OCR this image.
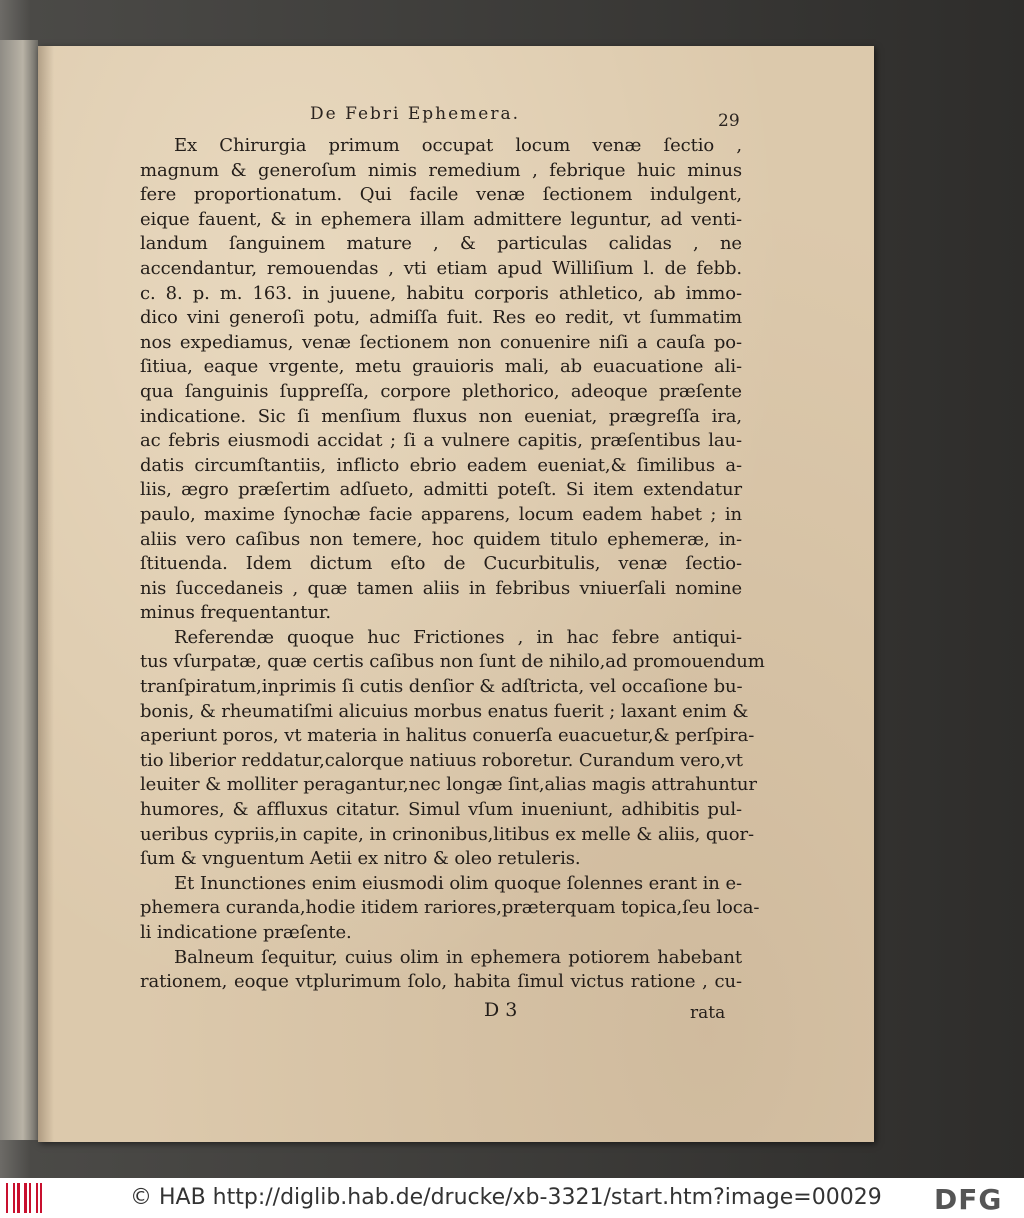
De Febri Ephemera.	29
Ex Chirurgia primum occupat locum venæ ſectio ,
magnum & generoſum nimis remedium , febrique huic minus
fere proportionatum. Qui facile venæ ſectionem indulgent,
eique fauent, & in ephemera illam admittere leguntur, ad venti-
landum ſanguinem mature , & particulas calidas , ne
accendantur, remouendas , vti etiam apud Williſium l. de febb.
c. 8. p. m. 163. in juuene, habitu corporis athletico, ab immo-
dico vini generoſi potu, admiſſa fuit. Res eo redit, vt ſummatim
nos expediamus, venæ ſectionem non conuenire niſi a cauſa po-
ſitiua, eaque vrgente, metu grauioris mali, ab euacuatione ali-
qua ſanguinis ſuppreſſa, corpore plethorico, adeoque præſente
indicatione. Sic ſi menſium fluxus non eueniat, prægreſſa ira,
ac febris eiusmodi accidat ; ſi a vulnere capitis, præſentibus lau-
datis circumſtantiis, inflicto ebrio eadem eueniat,& ſimilibus a-
liis, ægro præſertim adſueto, admitti poteſt. Si item extendatur
paulo, maxime ſynochæ facie apparens, locum eadem habet ; in
aliis vero caſibus non temere, hoc quidem titulo ephemeræ, in-
ſtituenda. Idem dictum eſto de Cucurbitulis, venæ ſectio-
nis ſuccedaneis , quæ tamen aliis in febribus vniuerſali nomine
minus frequentantur.
Referendæ quoque huc Frictiones , in hac febre antiqui-
tus vſurpatæ, quæ certis caſibus non ſunt de nihilo,ad promouendum
tranſpiratum,inprimis ſi cutis denſior & adſtricta, vel occaſione bu-
bonis, & rheumatiſmi alicuius morbus enatus fuerit ; laxant enim &
aperiunt poros, vt materia in halitus conuerſa euacuetur,& perſpira-
tio liberior reddatur,calorque natiuus roboretur. Curandum vero,vt
leuiter & molliter peragantur,nec longæ ſint,alias magis attrahuntur
humores, & affluxus citatur. Simul vſum inueniunt, adhibitis pul-
ueribus cypriis,in capite, in crinonibus,litibus ex melle & aliis, quor-
ſum & vnguentum Aetii ex nitro & oleo retuleris.
Et Inunctiones enim eiusmodi olim quoque ſolennes erant in e-
phemera curanda,hodie itidem rariores,præterquam topica,ſeu loca-
li indicatione præſente.
Balneum ſequitur, cuius olim in ephemera potiorem habebant
rationem, eoque vtplurimum ſolo, habita ſimul victus ratione , cu-
D 3	rata
© HAB http://diglib.hab.de/drucke/xb-3321/start.htm?image=00029 DFG
